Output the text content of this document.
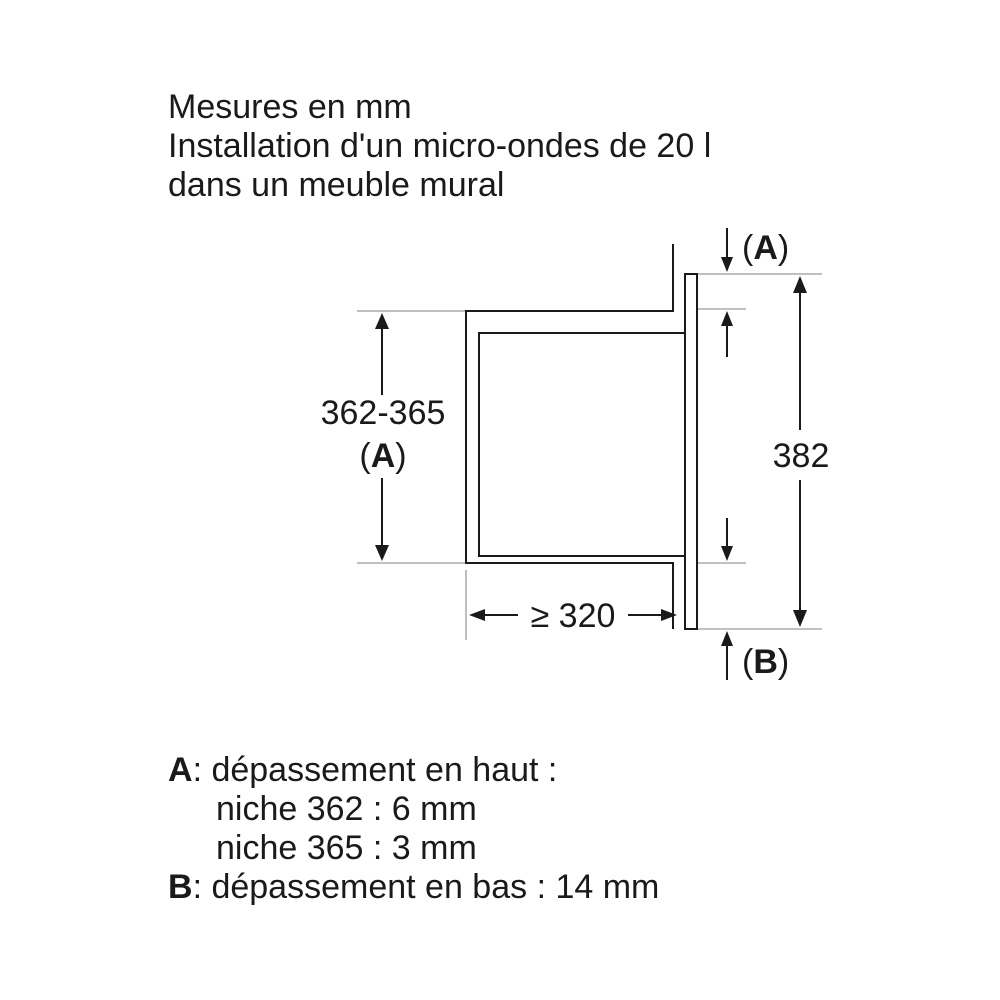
Mesures en mm
Installation d'un micro-ondes de 20 l
dans un meuble mural
(A)
(B)
362-365
(A)	382
≥ 320
A: dépassement en haut :
niche 362 : 6 mm
niche 365 : 3 mm
B: dépassement en bas : 14 mm
